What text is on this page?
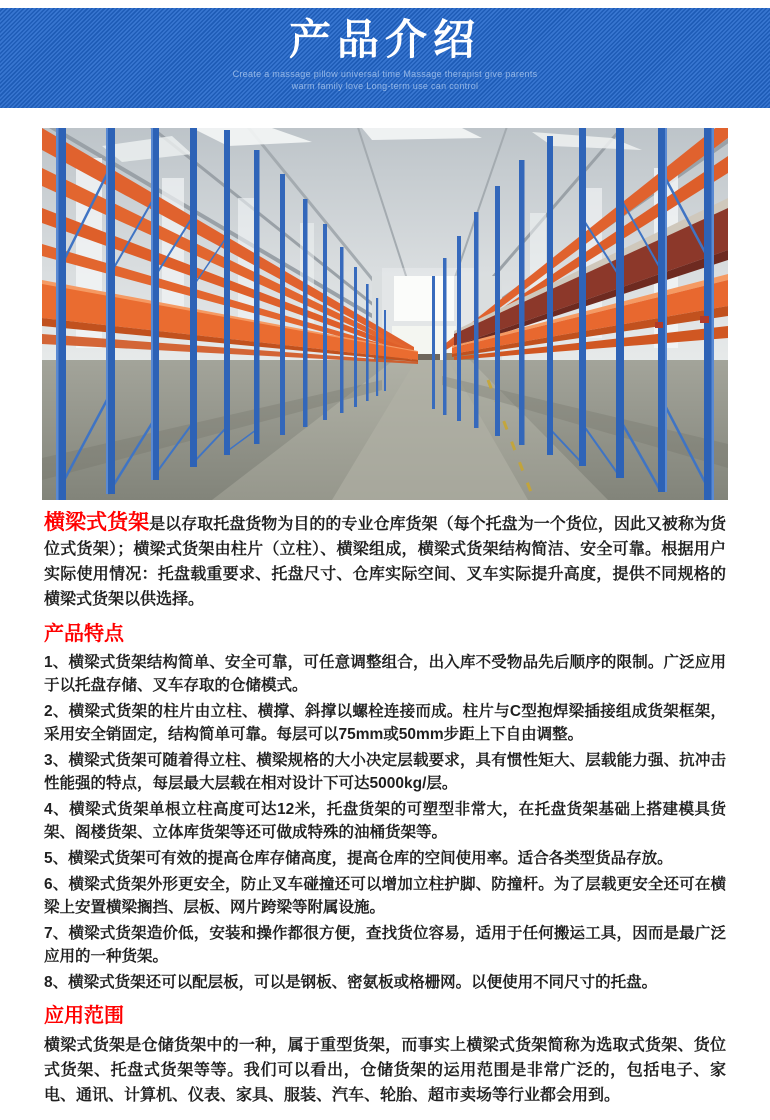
产品介绍
Create a massage pillow universal time Massage therapist give parents
warm family love Long-term use can control

横梁式货架是以存取托盘货物为目的的专业仓库货架（每个托盘为一个货位，因此又被称为货位式货架）；横梁式货架由柱片（立柱）、横梁组成，横梁式货架结构简洁、安全可靠。根据用户实际使用情况：托盘载重要求、托盘尺寸、仓库实际空间、叉车实际提升高度，提供不同规格的横梁式货架以供选择。

产品特点

1、横梁式货架结构简单、安全可靠，可任意调整组合，出入库不受物品先后顺序的限制。广泛应用于以托盘存储、叉车存取的仓储模式。

2、横梁式货架的柱片由立柱、横撑、斜撑以螺栓连接而成。柱片与C型抱焊梁插接组成货架框架，采用安全销固定，结构简单可靠。每层可以75mm或50mm步距上下自由调整。

3、横梁式货架可随着得立柱、横梁规格的大小决定层载要求，具有惯性矩大、层载能力强、抗冲击性能强的特点，每层最大层载在相对设计下可达5000kg/层。

4、横梁式货架单根立柱高度可达12米，托盘货架的可塑型非常大，在托盘货架基础上搭建模具货架、阁楼货架、立体库货架等还可做成特殊的油桶货架等。

5、横梁式货架可有效的提高仓库存储高度，提高仓库的空间使用率。适合各类型货品存放。

6、横梁式货架外形更安全，防止叉车碰撞还可以增加立柱护脚、防撞杆。为了层载更安全还可在横梁上安置横梁搁挡、层板、网片跨梁等附属设施。

7、横梁式货架造价低，安装和操作都很方便，查找货位容易，适用于任何搬运工具，因而是最广泛应用的一种货架。

8、横梁式货架还可以配层板，可以是钢板、密氨板或格栅网。以便使用不同尺寸的托盘。

应用范围

横梁式货架是仓储货架中的一种，属于重型货架，而事实上横梁式货架简称为选取式货架、货位式货架、托盘式货架等等。我们可以看出，仓储货架的运用范围是非常广泛的，包括电子、家电、通讯、计算机、仪表、家具、服装、汽车、轮胎、超市卖场等行业都会用到。
